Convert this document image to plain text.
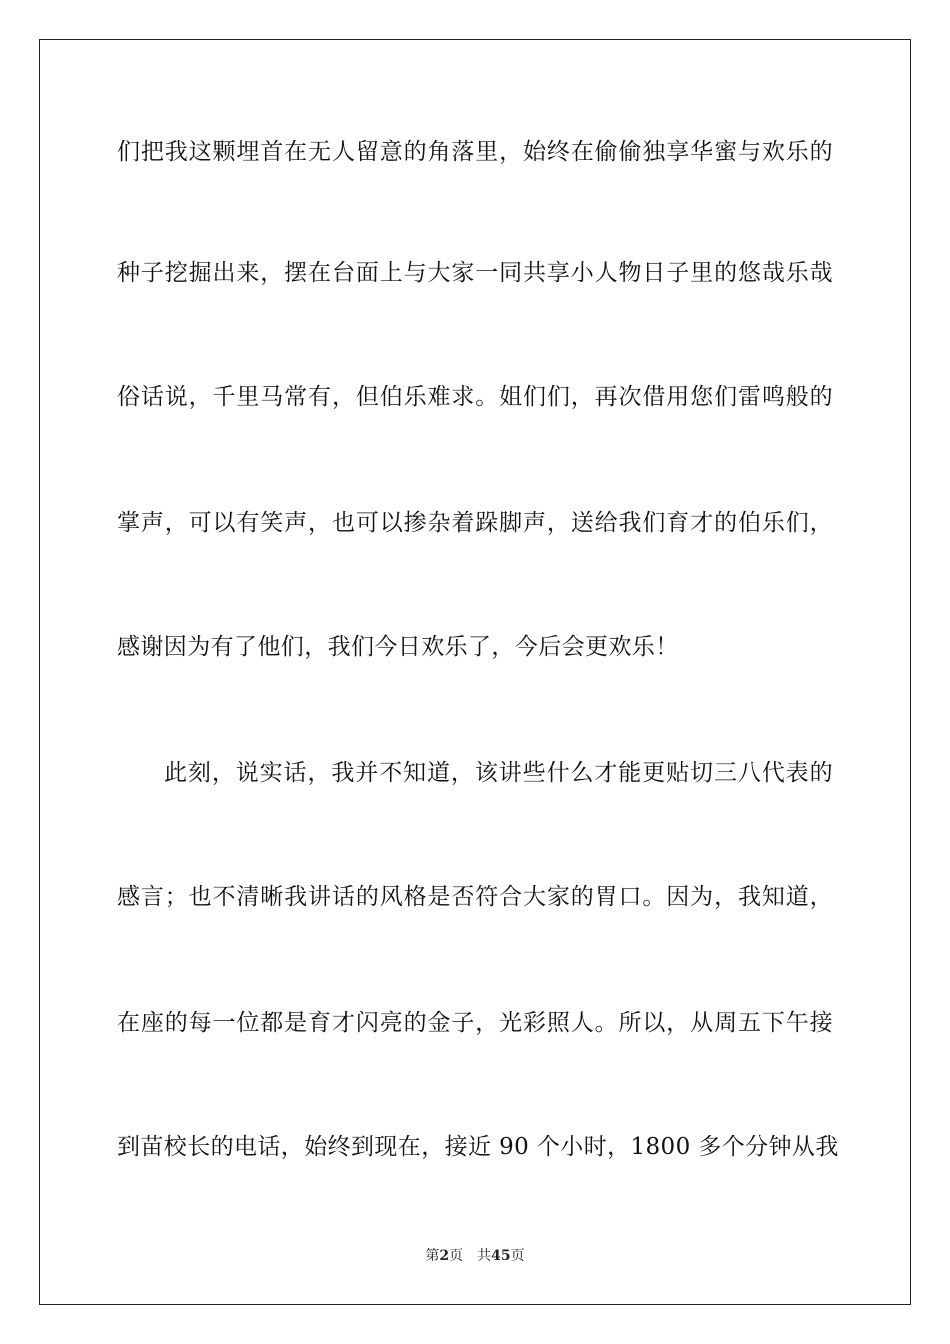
们把我这颗埋首在无人留意的角落里，始终在偷偷独享华蜜与欢乐的
种子挖掘出来，摆在台面上与大家一同共享小人物日子里的悠哉乐哉
俗话说，千里马常有，但伯乐难求。姐们们，再次借用您们雷鸣般的
掌声，可以有笑声，也可以掺杂着跺脚声，送给我们育才的伯乐们，
感谢因为有了他们，我们今日欢乐了，今后会更欢乐！
此刻，说实话，我并不知道，该讲些什么才能更贴切三八代表的
感言；也不清晰我讲话的风格是否符合大家的胃口。因为，我知道，
在座的每一位都是育才闪亮的金子，光彩照人。所以，从周五下午接
到苗校长的电话，始终到现在，接近 90 个小时，1800 多个分钟从我
第2页 共45页
